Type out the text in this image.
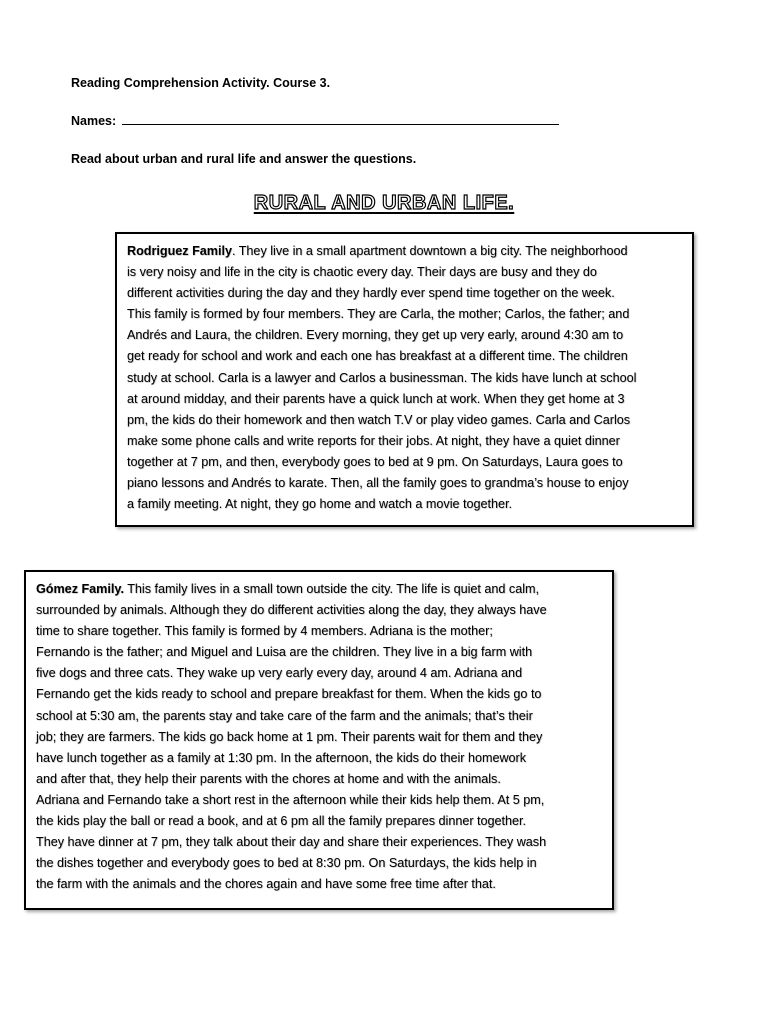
Reading Comprehension Activity. Course 3.
Names:
Read about urban and rural life and answer the questions.
RURAL AND URBAN LIFE.

Rodriguez Family. They live in a small apartment downtown a big city. The neighborhood
is very noisy and life in the city is chaotic every day. Their days are busy and they do
different activities during the day and they hardly ever spend time together on the week.
This family is formed by four members. They are Carla, the mother; Carlos, the father; and
Andrés and Laura, the children. Every morning, they get up very early, around 4:30 am to
get ready for school and work and each one has breakfast at a different time. The children
study at school. Carla is a lawyer and Carlos a businessman. The kids have lunch at school
at around midday, and their parents have a quick lunch at work. When they get home at 3
pm, the kids do their homework and then watch T.V or play video games. Carla and Carlos
make some phone calls and write reports for their jobs. At night, they have a quiet dinner
together at 7 pm, and then, everybody goes to bed at 9 pm. On Saturdays, Laura goes to
piano lessons and Andrés to karate. Then, all the family goes to grandma’s house to enjoy
a family meeting. At night, they go home and watch a movie together.

Gómez Family. This family lives in a small town outside the city. The life is quiet and calm,
surrounded by animals. Although they do different activities along the day, they always have
time to share together. This family is formed by 4 members. Adriana is the mother;
Fernando is the father; and Miguel and Luisa are the children. They live in a big farm with
five dogs and three cats. They wake up very early every day, around 4 am. Adriana and
Fernando get the kids ready to school and prepare breakfast for them. When the kids go to
school at 5:30 am, the parents stay and take care of the farm and the animals; that’s their
job; they are farmers. The kids go back home at 1 pm. Their parents wait for them and they
have lunch together as a family at 1:30 pm. In the afternoon, the kids do their homework
and after that, they help their parents with the chores at home and with the animals.
Adriana and Fernando take a short rest in the afternoon while their kids help them. At 5 pm,
the kids play the ball or read a book, and at 6 pm all the family prepares dinner together.
They have dinner at 7 pm, they talk about their day and share their experiences. They wash
the dishes together and everybody goes to bed at 8:30 pm. On Saturdays, the kids help in
the farm with the animals and the chores again and have some free time after that.
